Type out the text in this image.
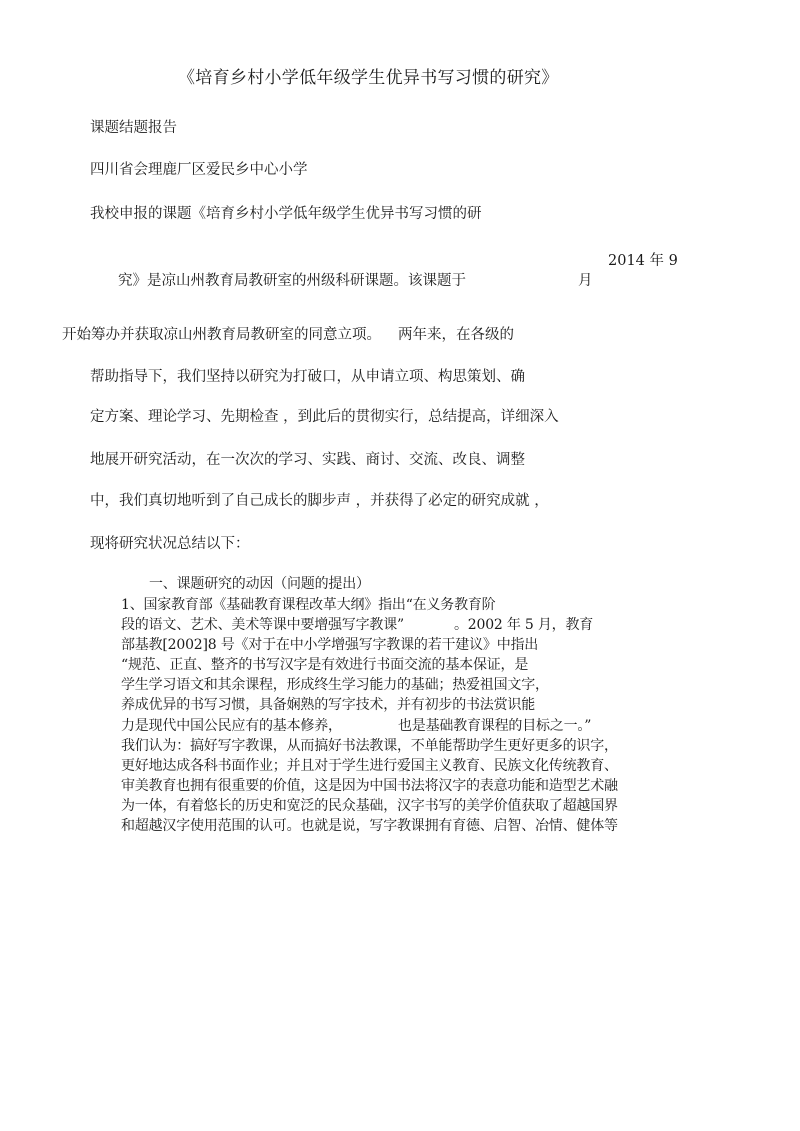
《培育乡村小学低年级学生优异书写习惯的研究》
课题结题报告
四川省会理鹿厂区爱民乡中心小学
我校申报的课题《培育乡村小学低年级学生优异书写习惯的研
2014 年 9
究》是凉山州教育局教研室的州级科研课题。该课题于	月
开始筹办并获取凉山州教育局教研室的同意立项。 两年来，在各级的
帮助指导下，我们坚持以研究为打破口，从申请立项、构思策划、确
定方案、理论学习、先期检查 ，到此后的贯彻实行，总结提高，详细深入
地展开研究活动，在一次次的学习、实践、商讨、交流、改良、调整
中，我们真切地听到了自己成长的脚步声 ，并获得了必定的研究成就 ，
现将研究状况总结以下：
一、课题研究的动因（问题的提出）
1、国家教育部《基础教育课程改革大纲》指出“在义务教育阶
段的语文、艺术、美术等课中要增强写字教课”	。2002 年 5 月，教育
部基教[2002]8 号《对于在中小学增强写字教课的若干建议》中指出
“规范、正直、整齐的书写汉字是有效进行书面交流的基本保证，是
学生学习语文和其余课程，形成终生学习能力的基础；热爱祖国文字，
养成优异的书写习惯，具备娴熟的写字技术，并有初步的书法赏识能
力是现代中国公民应有的基本修养，	也是基础教育课程的目标之一。”
我们认为：搞好写字教课，从而搞好书法教课，不单能帮助学生更好更多的识字，
更好地达成各科书面作业；并且对于学生进行爱国主义教育、民族文化传统教育、
审美教育也拥有很重要的价值，这是因为中国书法将汉字的表意功能和造型艺术融
为一体，有着悠长的历史和宽泛的民众基础，汉字书写的美学价值获取了超越国界
和超越汉字使用范围的认可。也就是说，写字教课拥有育德、启智、冶情、健体等
